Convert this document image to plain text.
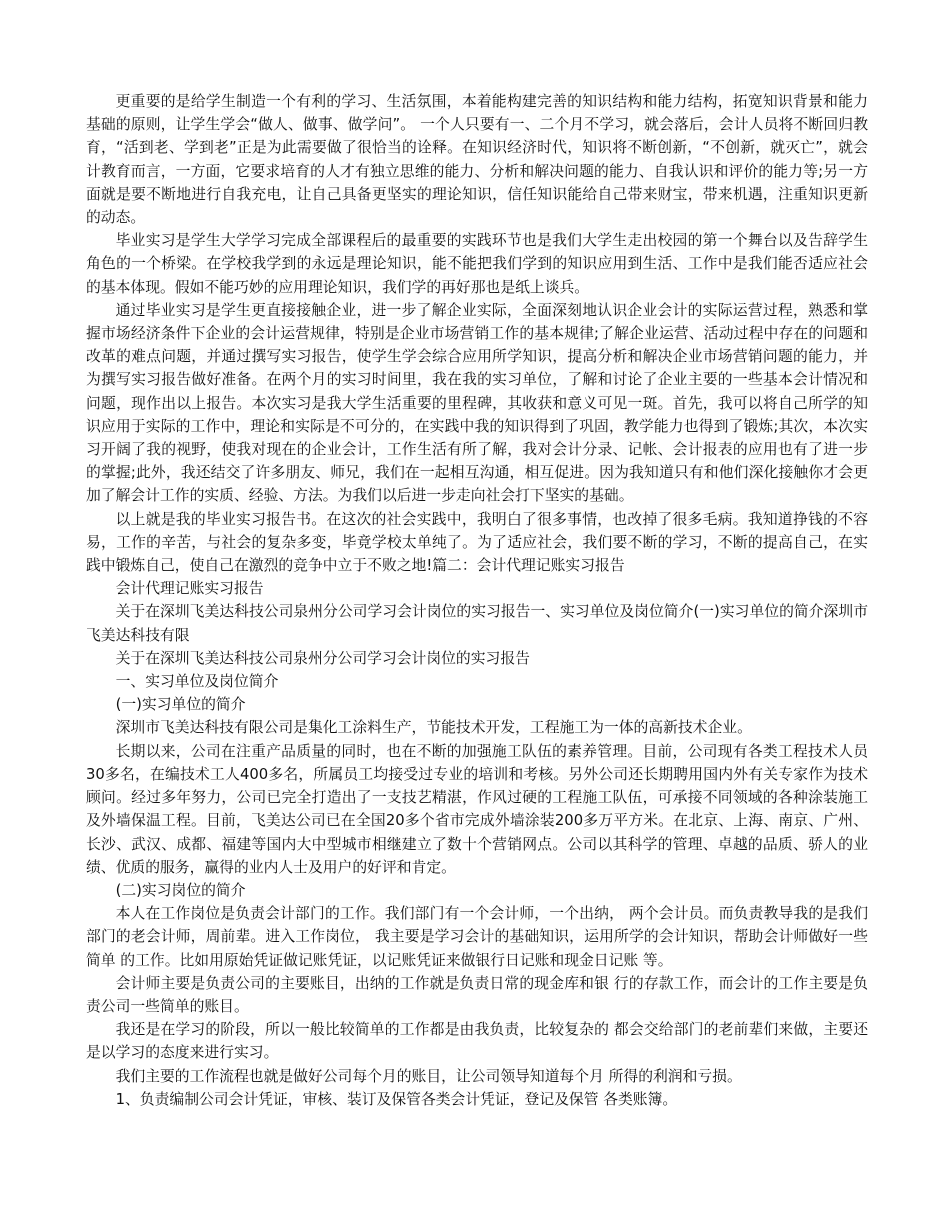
更重要的是给学生制造一个有利的学习、生活氛围，本着能构建完善的知识结构和能力结构，拓宽知识背景和能力基础的原则，让学生学会“做人、做事、做学问”。 一个人只要有一、二个月不学习，就会落后，会计人员将不断回归教育，“活到老、学到老”正是为此需要做了很恰当的诠释。在知识经济时代，知识将不断创新，“不创新，就灭亡”，就会计教育而言，一方面，它要求培育的人才有独立思维的能力、分析和解决问题的能力、自我认识和评价的能力等;另一方面就是要不断地进行自我充电，让自己具备更坚实的理论知识，信任知识能给自己带来财宝，带来机遇，注重知识更新的动态。

毕业实习是学生大学学习完成全部课程后的最重要的实践环节也是我们大学生走出校园的第一个舞台以及告辞学生角色的一个桥梁。在学校我学到的永远是理论知识，能不能把我们学到的知识应用到生活、工作中是我们能否适应社会的基本体现。假如不能巧妙的应用理论知识，我们学的再好那也是纸上谈兵。

通过毕业实习是学生更直接接触企业，进一步了解企业实际，全面深刻地认识企业会计的实际运营过程，熟悉和掌握市场经济条件下企业的会计运营规律，特别是企业市场营销工作的基本规律;了解企业运营、活动过程中存在的问题和改革的难点问题，并通过撰写实习报告，使学生学会综合应用所学知识，提高分析和解决企业市场营销问题的能力，并为撰写实习报告做好准备。在两个月的实习时间里，我在我的实习单位，了解和讨论了企业主要的一些基本会计情况和问题，现作出以上报告。本次实习是我大学生活重要的里程碑，其收获和意义可见一斑。首先，我可以将自己所学的知识应用于实际的工作中，理论和实际是不可分的，在实践中我的知识得到了巩固，教学能力也得到了锻炼;其次，本次实习开阔了我的视野，使我对现在的企业会计，工作生活有所了解，我对会计分录、记帐、会计报表的应用也有了进一步的掌握;此外，我还结交了许多朋友、师兄，我们在一起相互沟通，相互促进。因为我知道只有和他们深化接触你才会更加了解会计工作的实质、经验、方法。为我们以后进一步走向社会打下坚实的基础。

以上就是我的毕业实习报告书。在这次的社会实践中，我明白了很多事情，也改掉了很多毛病。我知道挣钱的不容易，工作的辛苦，与社会的复杂多变，毕竟学校太单纯了。为了适应社会，我们要不断的学习，不断的提高自己，在实践中锻炼自己，使自己在激烈的竞争中立于不败之地!篇二：会计代理记账实习报告

会计代理记账实习报告

关于在深圳飞美达科技公司泉州分公司学习会计岗位的实习报告一、实习单位及岗位简介(一)实习单位的简介深圳市飞美达科技有限

关于在深圳飞美达科技公司泉州分公司学习会计岗位的实习报告

一、实习单位及岗位简介

(一)实习单位的简介

深圳市飞美达科技有限公司是集化工涂料生产，节能技术开发，工程施工为一体的高新技术企业。

长期以来，公司在注重产品质量的同时，也在不断的加强施工队伍的素养管理。目前，公司现有各类工程技术人员30多名，在编技术工人400多名，所属员工均接受过专业的培训和考核。另外公司还长期聘用国内外有关专家作为技术顾问。经过多年努力，公司已完全打造出了一支技艺精湛，作风过硬的工程施工队伍，可承接不同领域的各种涂装施工及外墙保温工程。目前，飞美达公司已在全国20多个省市完成外墙涂装200多万平方米。在北京、上海、南京、广州、长沙、武汉、成都、福建等国内大中型城市相继建立了数十个营销网点。公司以其科学的管理、卓越的品质、骄人的业绩、优质的服务，赢得的业内人士及用户的好评和肯定。

(二)实习岗位的简介

本人在工作岗位是负责会计部门的工作。我们部门有一个会计师，一个出纳， 两个会计员。而负责教导我的是我们部门的老会计师，周前辈。进入工作岗位， 我主要是学习会计的基础知识，运用所学的会计知识，帮助会计师做好一些简单 的工作。比如用原始凭证做记账凭证，以记账凭证来做银行日记账和现金日记账 等。

会计师主要是负责公司的主要账目，出纳的工作就是负责日常的现金库和银 行的存款工作，而会计的工作主要是负责公司一些简单的账目。

我还是在学习的阶段，所以一般比较简单的工作都是由我负责，比较复杂的 都会交给部门的老前辈们来做，主要还是以学习的态度来进行实习。

我们主要的工作流程也就是做好公司每个月的账目，让公司领导知道每个月 所得的利润和亏损。

1、负责编制公司会计凭证，审核、装订及保管各类会计凭证，登记及保管 各类账簿。
